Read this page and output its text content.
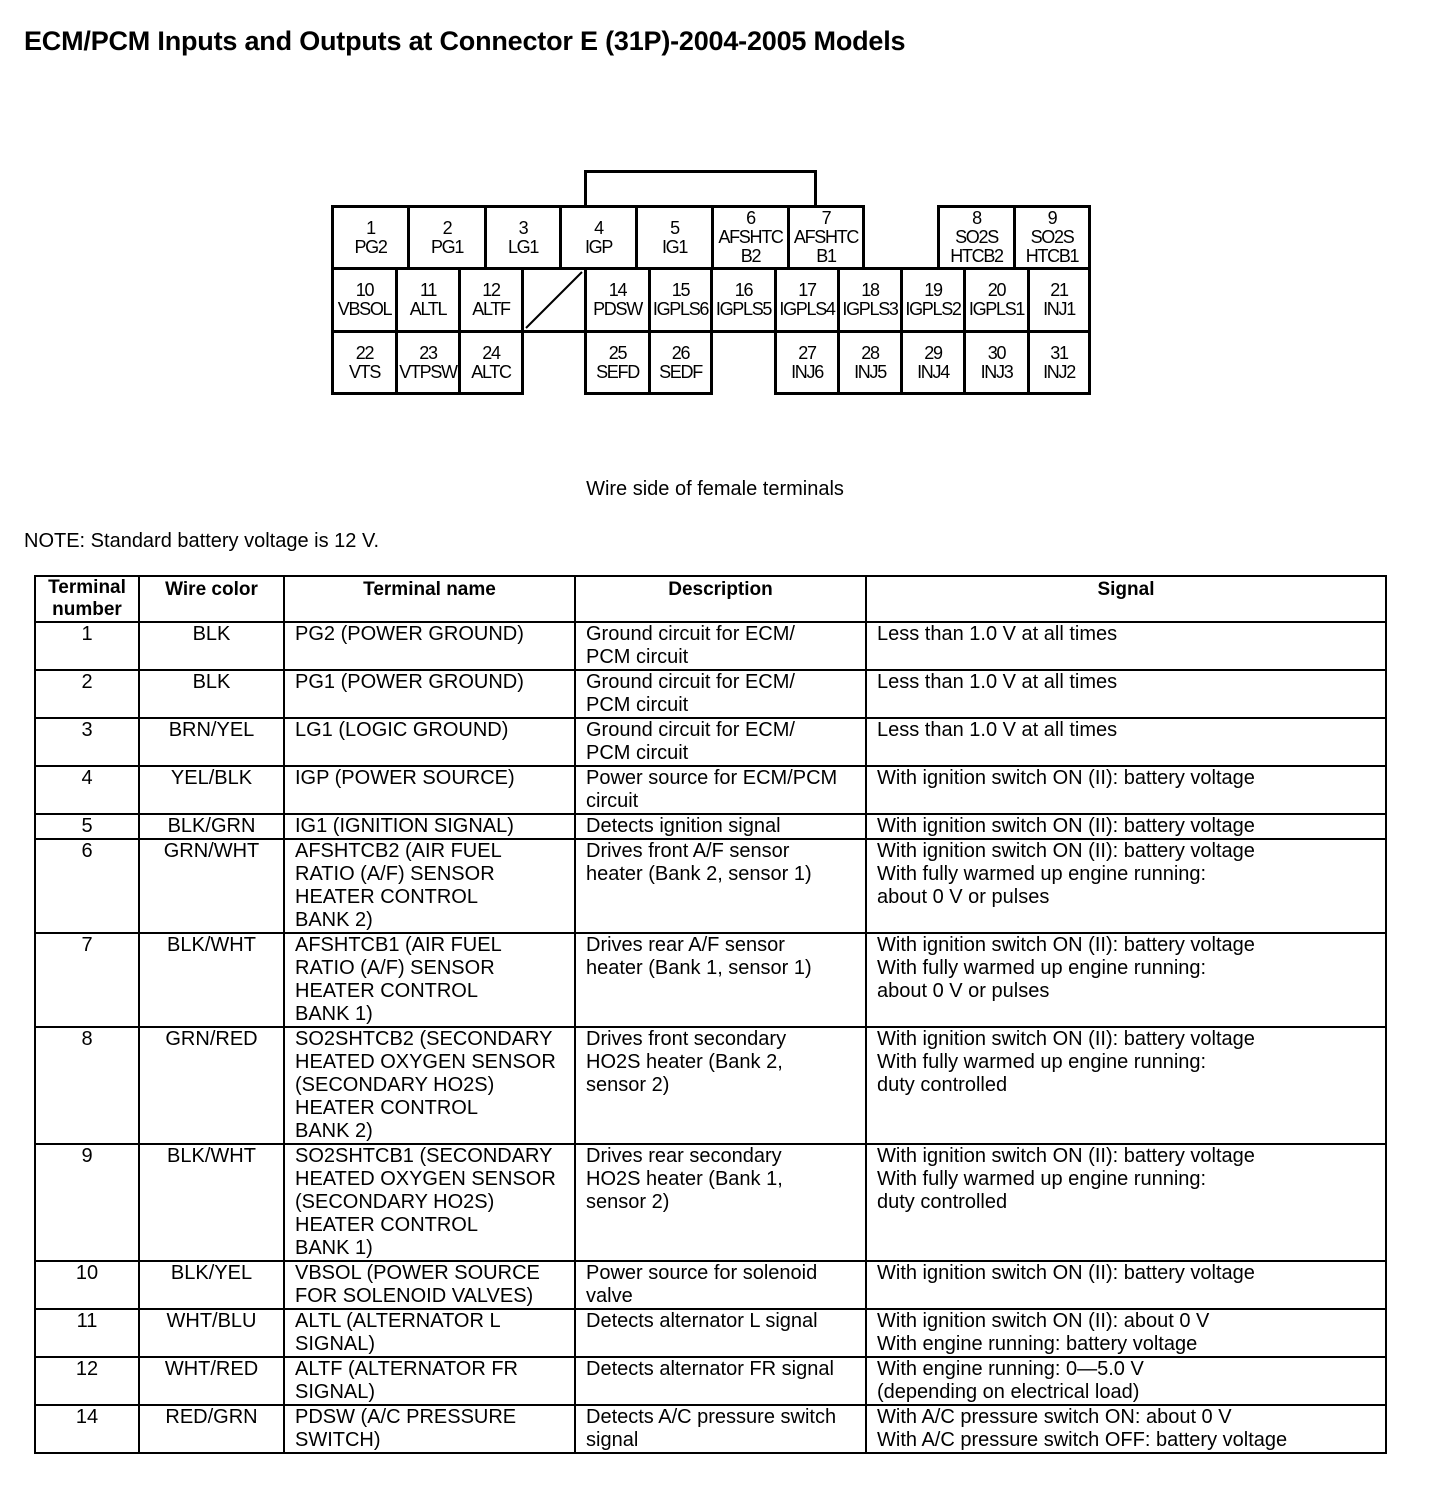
ECM/PCM Inputs and Outputs at Connector E (31P)-2004-2005 Models
1
PG2
2
PG1
3
LG1
4
IGP
5
IG1
6
AFSHTC
B2
7
AFSHTC
B1
8
SO2S
HTCB2
9
SO2S
HTCB1
10
VBSOL
11
ALTL
12
ALTF
14
PDSW
15
IGPLS6
16
IGPLS5
17
IGPLS4
18
IGPLS3
19
IGPLS2
20
IGPLS1
21
INJ1
22
VTS
23
VTPSW
24
ALTC
25
SEFD
26
SEDF
27
INJ6
28
INJ5
29
INJ4
30
INJ3
31
INJ2
Wire side of female terminals
NOTE: Standard battery voltage is 12 V.
Terminal
number	Wire color	Terminal name	Description	Signal
1	BLK	PG2 (POWER GROUND)	Ground circuit for ECM/
PCM circuit	Less than 1.0 V at all times
2	BLK	PG1 (POWER GROUND)	Ground circuit for ECM/
PCM circuit	Less than 1.0 V at all times
3	BRN/YEL	LG1 (LOGIC GROUND)	Ground circuit for ECM/
PCM circuit	Less than 1.0 V at all times
4	YEL/BLK	IGP (POWER SOURCE)	Power source for ECM/PCM
circuit	With ignition switch ON (II): battery voltage
5	BLK/GRN	IG1 (IGNITION SIGNAL)	Detects ignition signal	With ignition switch ON (II): battery voltage
6	GRN/WHT	AFSHTCB2 (AIR FUEL
RATIO (A/F) SENSOR
HEATER CONTROL
BANK 2)	Drives front A/F sensor
heater (Bank 2, sensor 1)	With ignition switch ON (II): battery voltage
With fully warmed up engine running:
about 0 V or pulses
7	BLK/WHT	AFSHTCB1 (AIR FUEL
RATIO (A/F) SENSOR
HEATER CONTROL
BANK 1)	Drives rear A/F sensor
heater (Bank 1, sensor 1)	With ignition switch ON (II): battery voltage
With fully warmed up engine running:
about 0 V or pulses
8	GRN/RED	SO2SHTCB2 (SECONDARY
HEATED OXYGEN SENSOR
(SECONDARY HO2S)
HEATER CONTROL
BANK 2)	Drives front secondary
HO2S heater (Bank 2,
sensor 2)	With ignition switch ON (II): battery voltage
With fully warmed up engine running:
duty controlled
9	BLK/WHT	SO2SHTCB1 (SECONDARY
HEATED OXYGEN SENSOR
(SECONDARY HO2S)
HEATER CONTROL
BANK 1)	Drives rear secondary
HO2S heater (Bank 1,
sensor 2)	With ignition switch ON (II): battery voltage
With fully warmed up engine running:
duty controlled
10	BLK/YEL	VBSOL (POWER SOURCE
FOR SOLENOID VALVES)	Power source for solenoid
valve	With ignition switch ON (II): battery voltage
11	WHT/BLU	ALTL (ALTERNATOR L
SIGNAL)	Detects alternator L signal	With ignition switch ON (II): about 0 V
With engine running: battery voltage
12	WHT/RED	ALTF (ALTERNATOR FR
SIGNAL)	Detects alternator FR signal	With engine running: 0—5.0 V
(depending on electrical load)
14	RED/GRN	PDSW (A/C PRESSURE
SWITCH)	Detects A/C pressure switch
signal	With A/C pressure switch ON: about 0 V
With A/C pressure switch OFF: battery voltage
